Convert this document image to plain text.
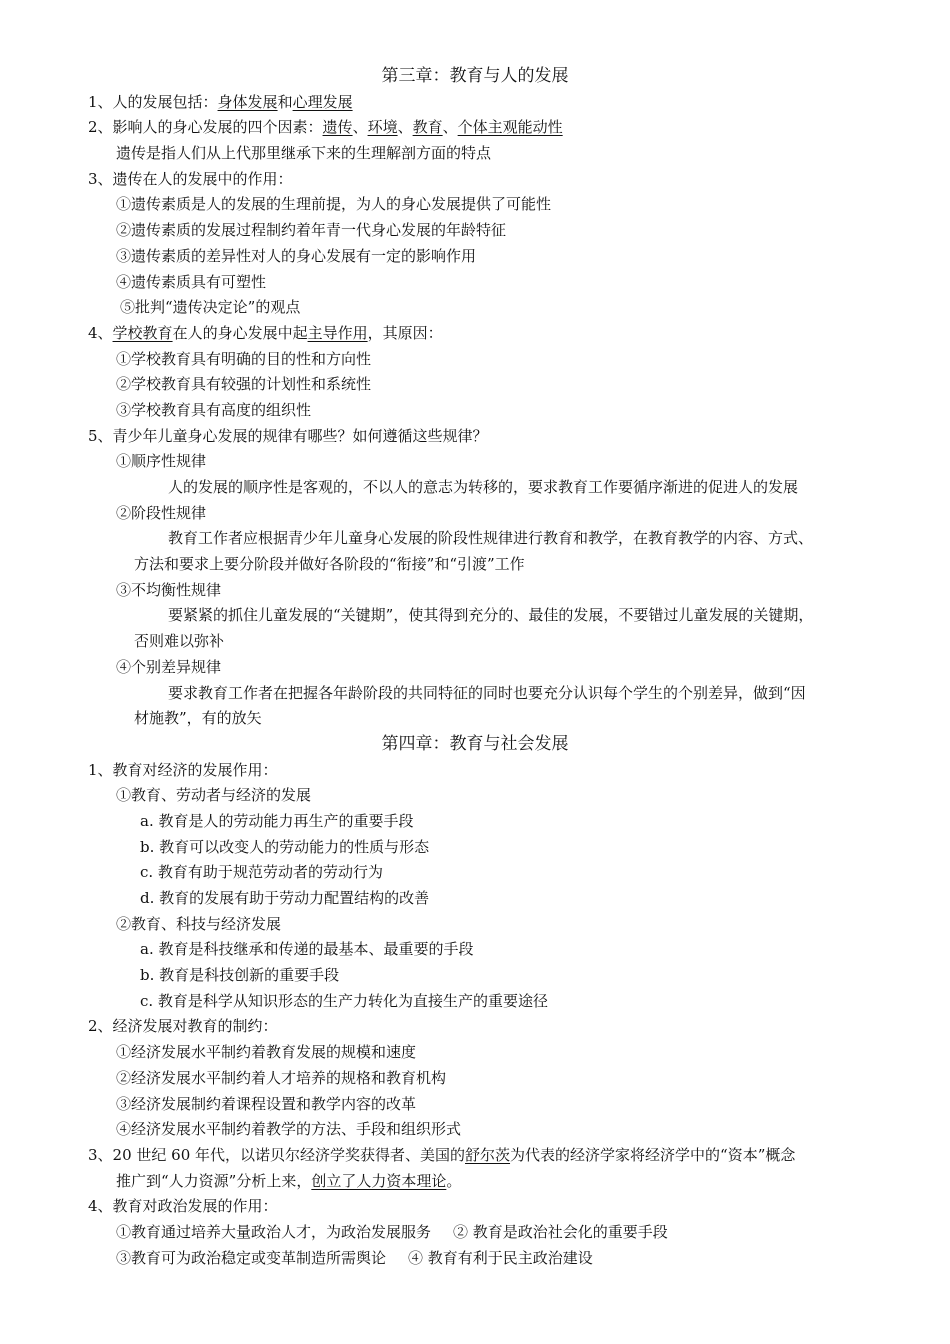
第三章：教育与人的发展
1、人的发展包括：身体发展和心理发展
2、影响人的身心发展的四个因素：遗传、环境、教育、个体主观能动性
遗传是指人们从上代那里继承下来的生理解剖方面的特点
3、遗传在人的发展中的作用：
①遗传素质是人的发展的生理前提，为人的身心发展提供了可能性
②遗传素质的发展过程制约着年青一代身心发展的年龄特征
③遗传素质的差异性对人的身心发展有一定的影响作用
④遗传素质具有可塑性
⑤批判“遗传决定论”的观点
4、学校教育在人的身心发展中起主导作用，其原因：
①学校教育具有明确的目的性和方向性
②学校教育具有较强的计划性和系统性
③学校教育具有高度的组织性
5、青少年儿童身心发展的规律有哪些？如何遵循这些规律？
①顺序性规律
人的发展的顺序性是客观的，不以人的意志为转移的，要求教育工作要循序渐进的促进人的发展
②阶段性规律
教育工作者应根据青少年儿童身心发展的阶段性规律进行教育和教学，在教育教学的内容、方式、
方法和要求上要分阶段并做好各阶段的“衔接”和“引渡”工作
③不均衡性规律
要紧紧的抓住儿童发展的“关键期”，使其得到充分的、最佳的发展，不要错过儿童发展的关键期，
否则难以弥补
④个别差异规律
要求教育工作者在把握各年龄阶段的共同特征的同时也要充分认识每个学生的个别差异，做到“因
材施教”，有的放矢
第四章：教育与社会发展
1、教育对经济的发展作用：
①教育、劳动者与经济的发展
a. 教育是人的劳动能力再生产的重要手段
b. 教育可以改变人的劳动能力的性质与形态
c. 教育有助于规范劳动者的劳动行为
d. 教育的发展有助于劳动力配置结构的改善
②教育、科技与经济发展
a. 教育是科技继承和传递的最基本、最重要的手段
b. 教育是科技创新的重要手段
c. 教育是科学从知识形态的生产力转化为直接生产的重要途径
2、经济发展对教育的制约：
①经济发展水平制约着教育发展的规模和速度
②经济发展水平制约着人才培养的规格和教育机构
③经济发展制约着课程设置和教学内容的改革
④经济发展水平制约着教学的方法、手段和组织形式
3、20 世纪 60 年代，以诺贝尔经济学奖获得者、美国的舒尔茨为代表的经济学家将经济学中的“资本”概念
推广到“人力资源”分析上来，创立了人力资本理论。
4、教育对政治发展的作用：
①教育通过培养大量政治人才，为政治发展服务 ② 教育是政治社会化的重要手段
③教育可为政治稳定或变革制造所需舆论 ④ 教育有利于民主政治建设
